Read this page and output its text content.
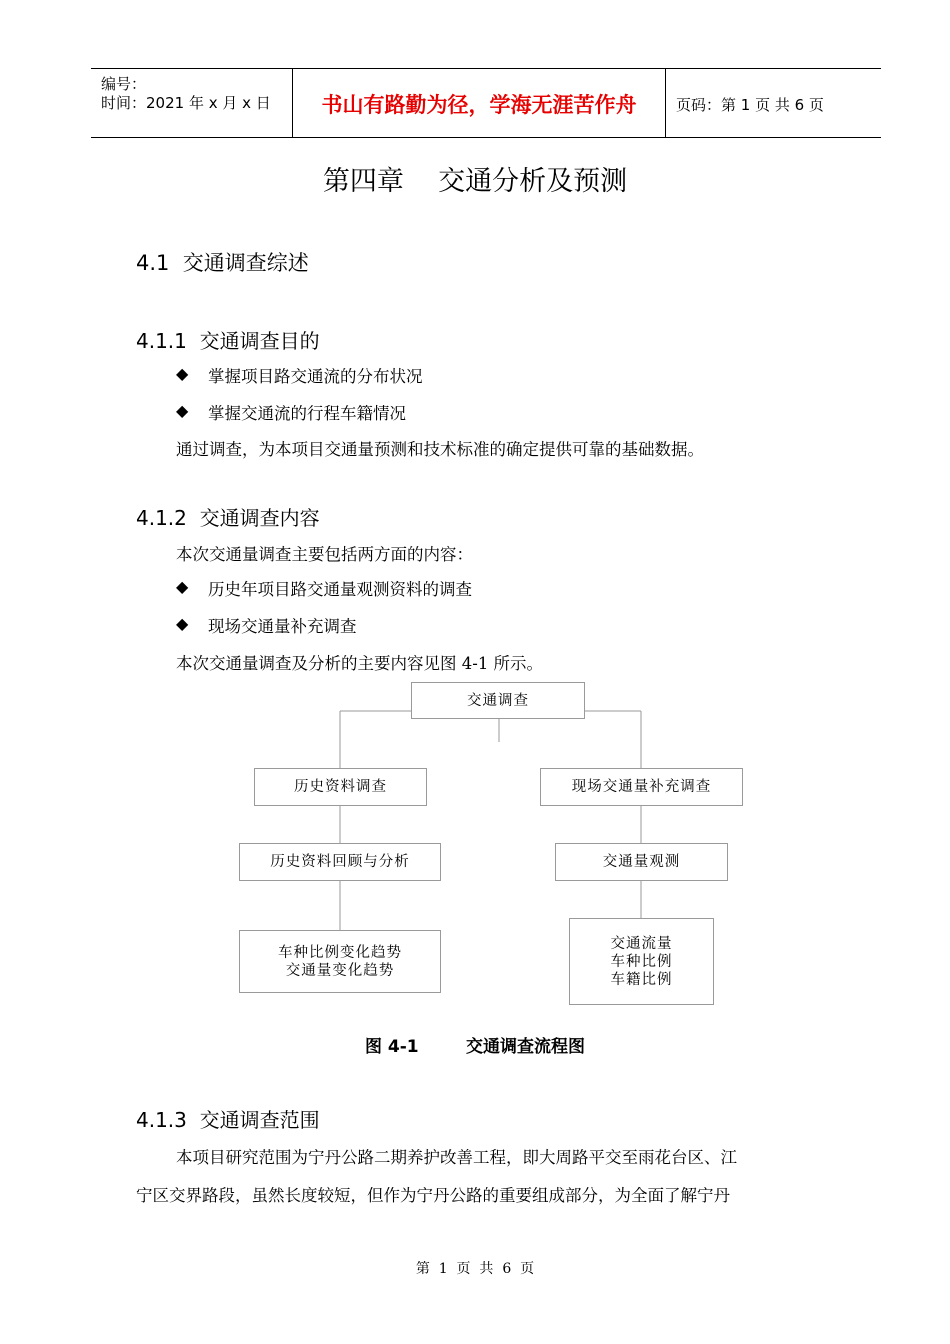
编号：
时间：2021 年 x 月 x 日	书山有路勤为径，学海无涯苦作舟	页码：第 1 页 共 6 页
第四章    交通分析及预测
4.1  交通调查综述
4.1.1  交通调查目的
◆ 掌握项目路交通流的分布状况
◆ 掌握交通流的行程车籍情况
通过调查，为本项目交通量预测和技术标准的确定提供可靠的基础数据。
4.1.2  交通调查内容
本次交通量调查主要包括两方面的内容：
◆ 历史年项目路交通量观测资料的调查
◆ 现场交通量补充调查
本次交通量调查及分析的主要内容见图 4-1 所示。
交通调查
历史资料调查	现场交通量补充调查
历史资料回顾与分析	交通量观测
车种比例变化趋势
交通量变化趋势
交通流量
车种比例
车籍比例
图 4-1        交通调查流程图
4.1.3  交通调查范围
本项目研究范围为宁丹公路二期养护改善工程，即大周路平交至雨花台区、江
宁区交界路段，虽然长度较短，但作为宁丹公路的重要组成部分，为全面了解宁丹
第  1  页  共  6  页
